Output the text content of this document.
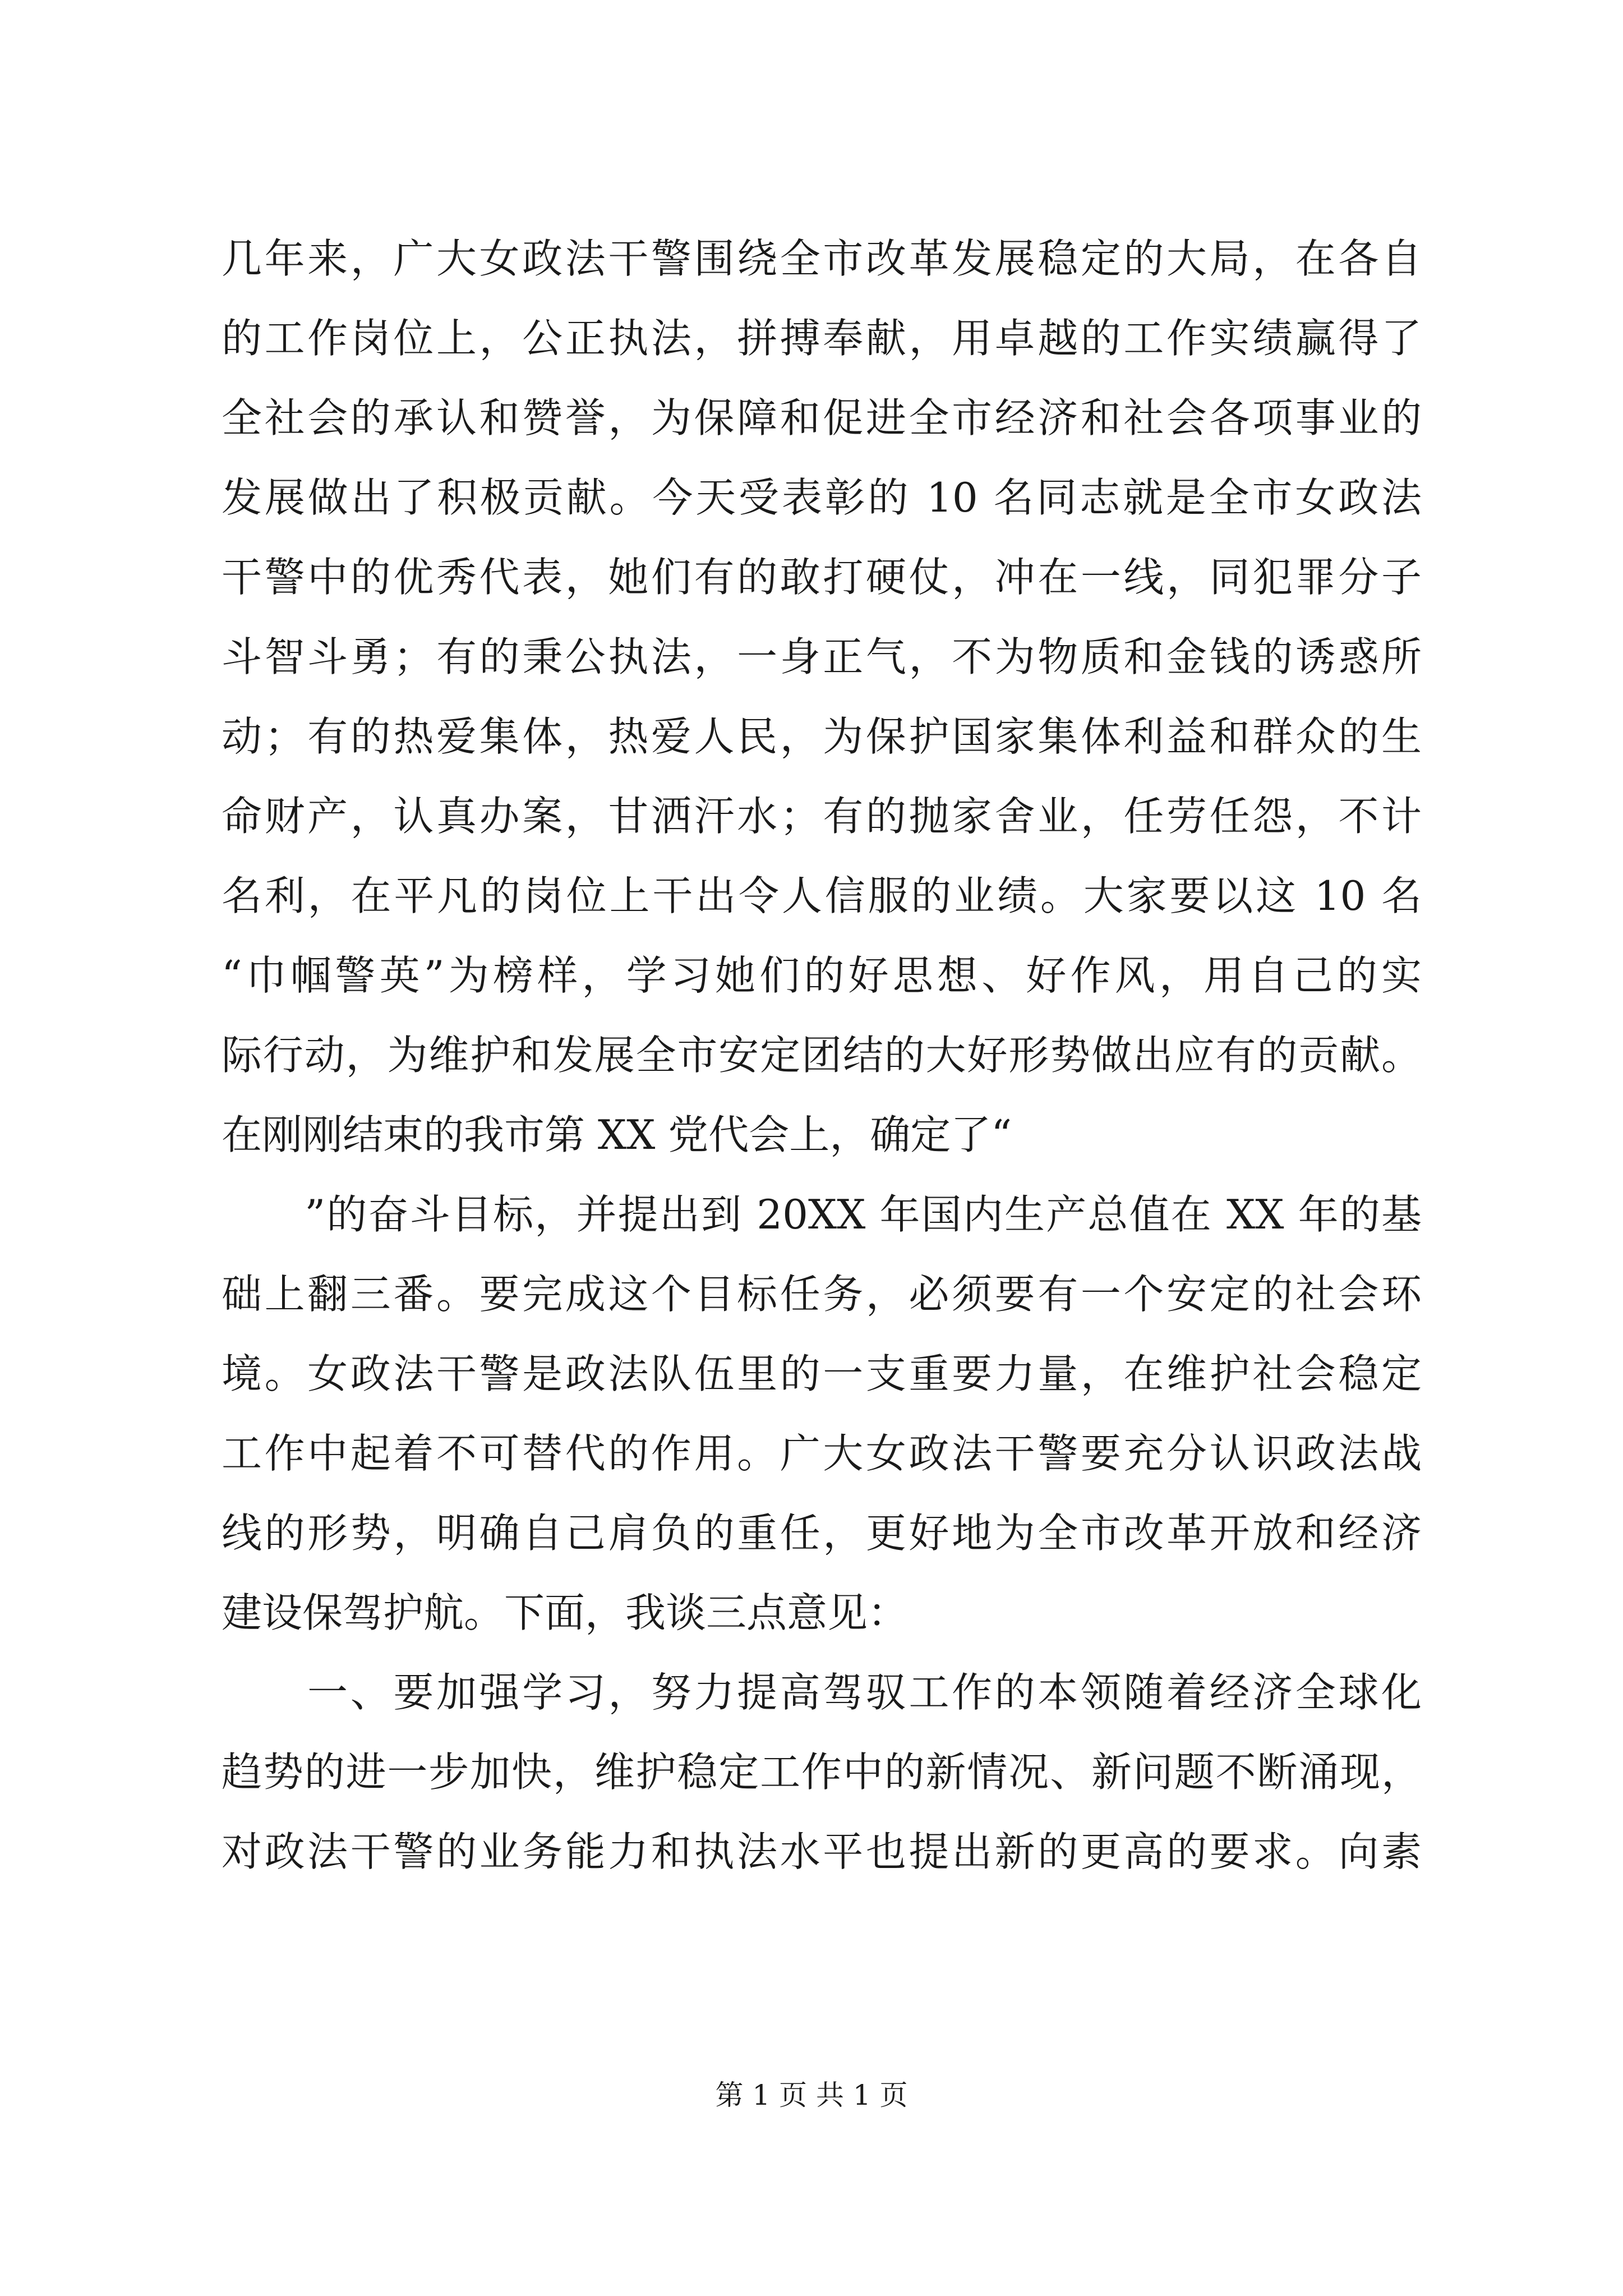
几年来，广大女政法干警围绕全市改革发展稳定的大局，在各自
的工作岗位上，公正执法，拼搏奉献，用卓越的工作实绩赢得了
全社会的承认和赞誉，为保障和促进全市经济和社会各项事业的
发展做出了积极贡献。今天受表彰的 10 名同志就是全市女政法
干警中的优秀代表，她们有的敢打硬仗，冲在一线，同犯罪分子
斗智斗勇；有的秉公执法，一身正气，不为物质和金钱的诱惑所
动；有的热爱集体，热爱人民，为保护国家集体利益和群众的生
命财产，认真办案，甘洒汗水；有的抛家舍业，任劳任怨，不计
名利，在平凡的岗位上干出令人信服的业绩。大家要以这 10 名
“巾帼警英”为榜样，学习她们的好思想、好作风，用自己的实
际行动，为维护和发展全市安定团结的大好形势做出应有的贡献。
在刚刚结束的我市第 XX 党代会上，确定了“
　　”的奋斗目标，并提出到 20XX 年国内生产总值在 XX 年的基
础上翻三番。要完成这个目标任务，必须要有一个安定的社会环
境。女政法干警是政法队伍里的一支重要力量，在维护社会稳定
工作中起着不可替代的作用。广大女政法干警要充分认识政法战
线的形势，明确自己肩负的重任，更好地为全市改革开放和经济
建设保驾护航。下面，我谈三点意见：
　　一、要加强学习，努力提高驾驭工作的本领随着经济全球化
趋势的进一步加快，维护稳定工作中的新情况、新问题不断涌现，
对政法干警的业务能力和执法水平也提出新的更高的要求。向素
第 1 页 共 1 页
